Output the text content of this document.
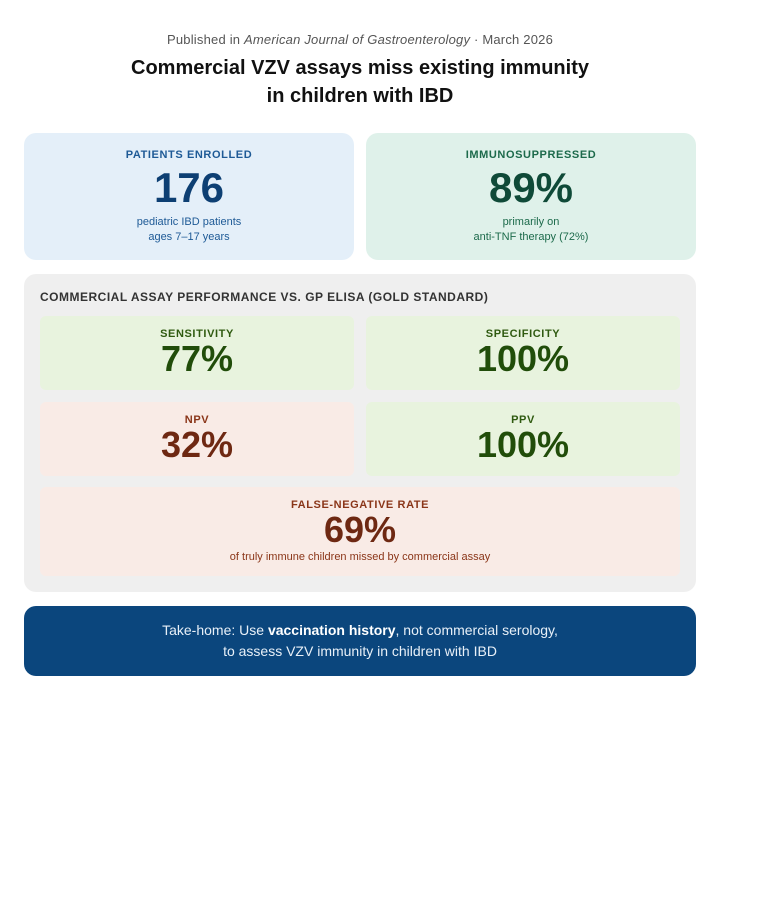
Published in American Journal of Gastroenterology · March 2026
Commercial VZV assays miss existing immunity
in children with IBD
PATIENTS ENROLLED
176
pediatric IBD patients
ages 7–17 years
IMMUNOSUPPRESSED
89%
primarily on
anti-TNF therapy (72%)
COMMERCIAL ASSAY PERFORMANCE VS. GP ELISA (GOLD STANDARD)
SENSITIVITY
77%
SPECIFICITY
100%
NPV
32%
PPV
100%
FALSE-NEGATIVE RATE
69%
of truly immune children missed by commercial assay
Take-home: Use vaccination history, not commercial serology,
to assess VZV immunity in children with IBD
